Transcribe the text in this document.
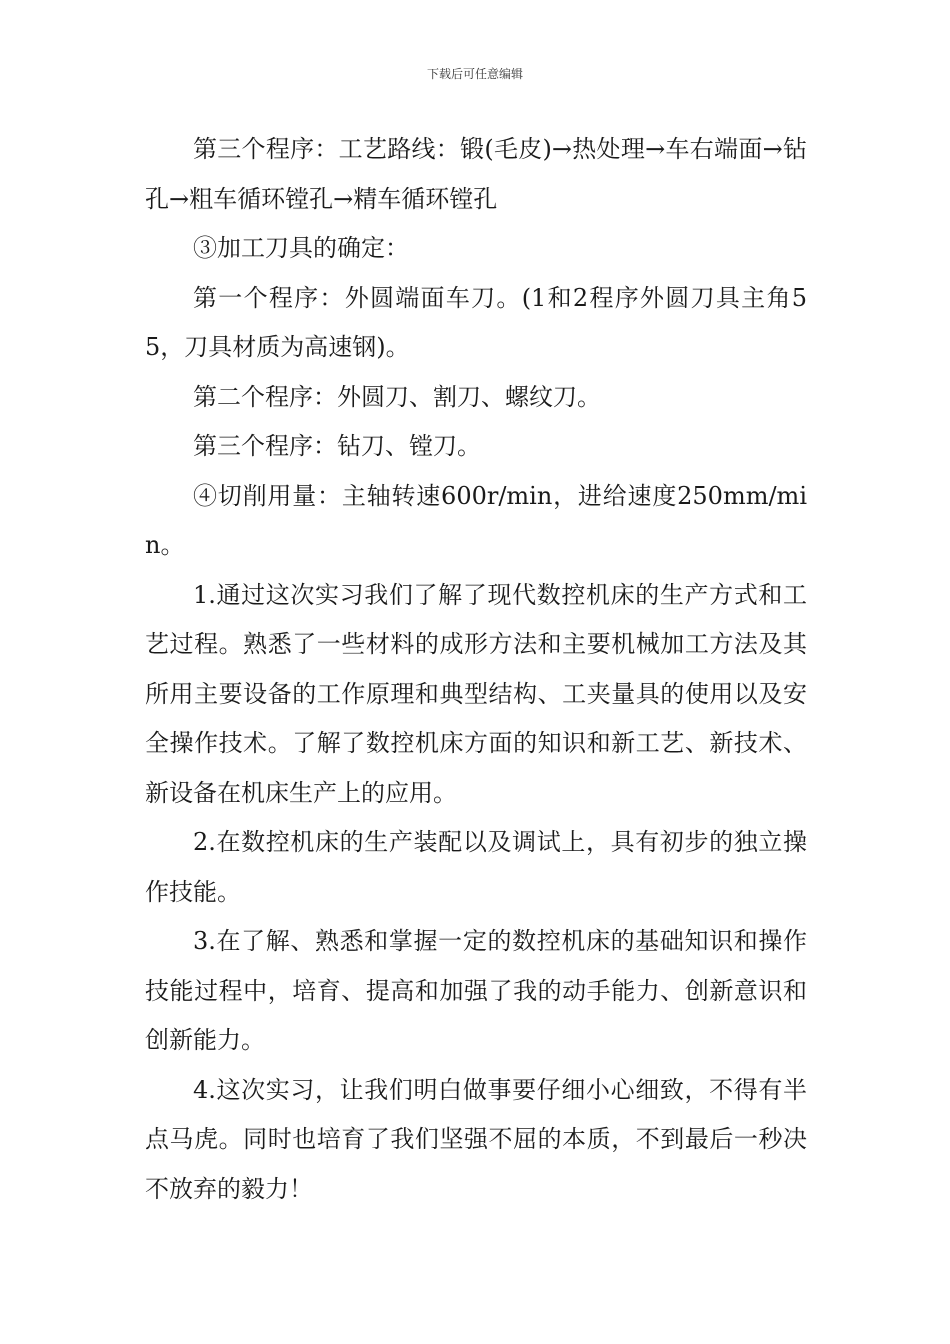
下载后可任意编辑

第三个程序：工艺路线：锻(毛皮)→热处理→车右端面→钻孔→粗车循环镗孔→精车循环镗孔

③加工刀具的确定：

第一个程序：外圆端面车刀。(1和2程序外圆刀具主角55，刀具材质为高速钢)。

第二个程序：外圆刀、割刀、螺纹刀。

第三个程序：钻刀、镗刀。

④切削用量：主轴转速600r/min，进给速度250mm/min。

1.通过这次实习我们了解了现代数控机床的生产方式和工艺过程。熟悉了一些材料的成形方法和主要机械加工方法及其所用主要设备的工作原理和典型结构、工夹量具的使用以及安全操作技术。了解了数控机床方面的知识和新工艺、新技术、新设备在机床生产上的应用。

2.在数控机床的生产装配以及调试上，具有初步的独立操作技能。

3.在了解、熟悉和掌握一定的数控机床的基础知识和操作技能过程中，培育、提高和加强了我的动手能力、创新意识和创新能力。

4.这次实习，让我们明白做事要仔细小心细致，不得有半点马虎。同时也培育了我们坚强不屈的本质，不到最后一秒决不放弃的毅力！
